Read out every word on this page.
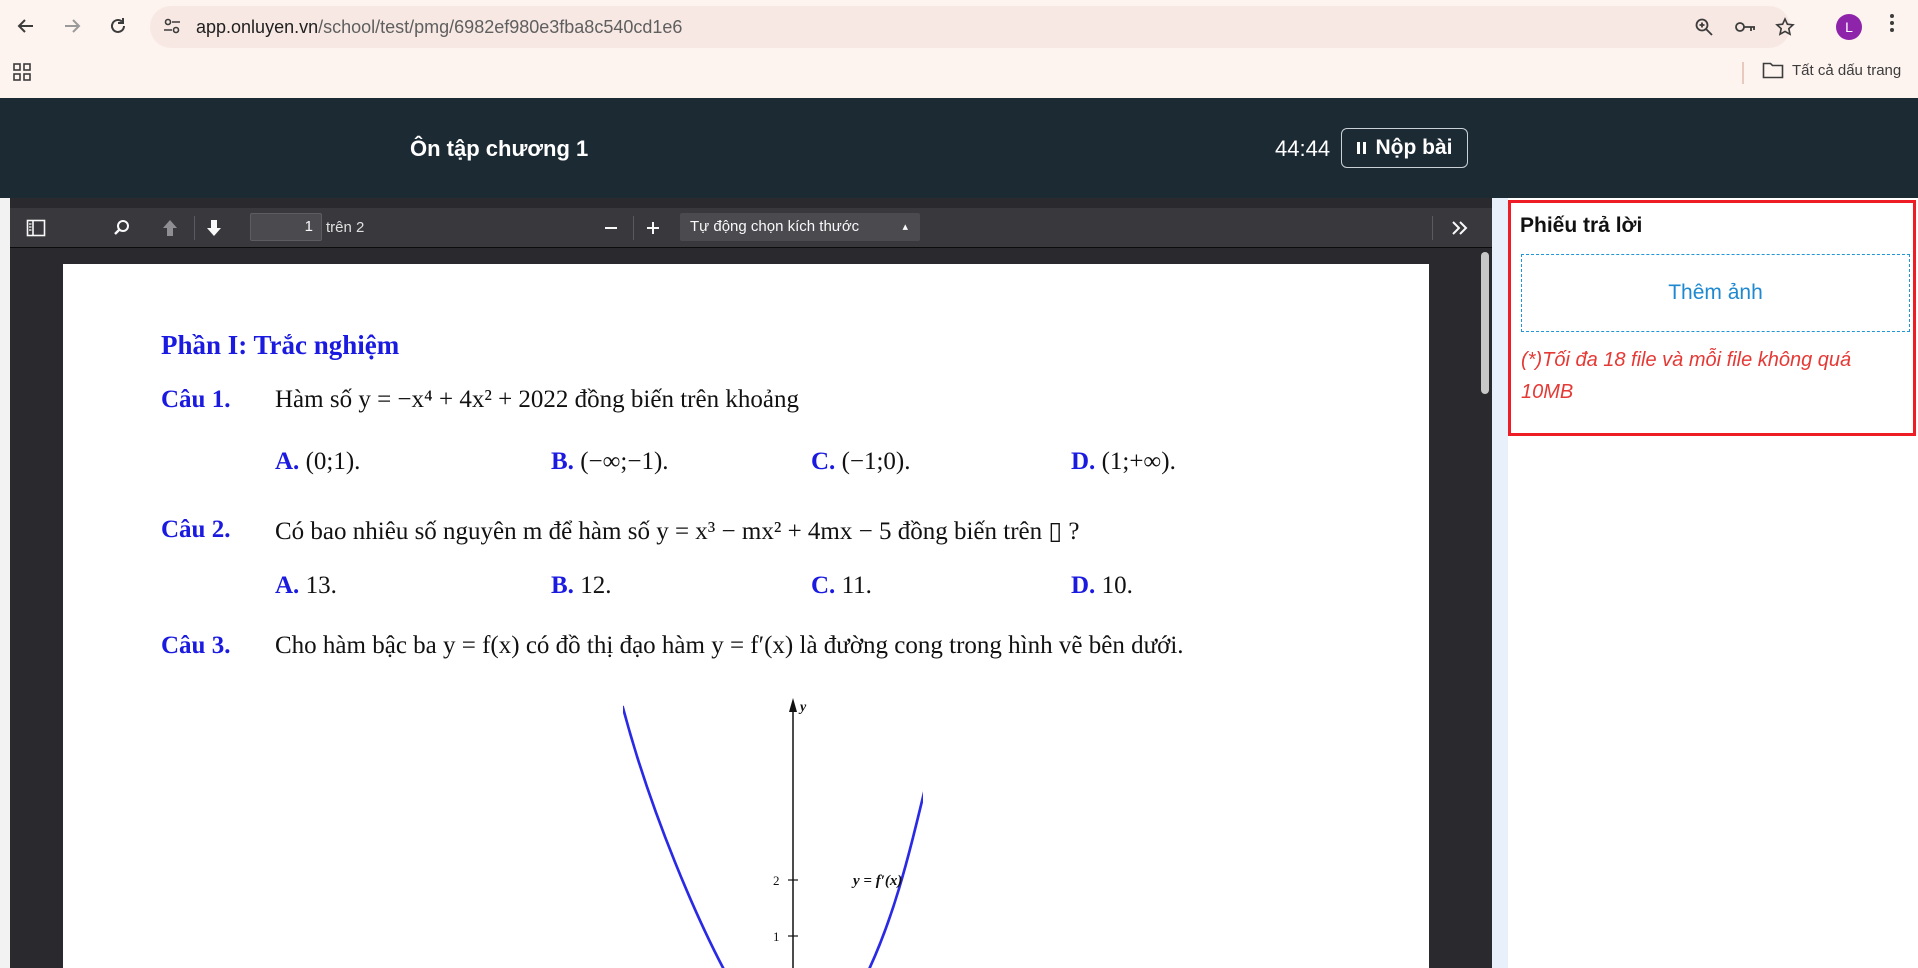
app.onluyen.vn/school/test/pmg/6982ef980e3fba8c540cd1e6	L
Tất cả dấu trang
Ôn tập chương 1	44:44 Nộp bài
1 trên 2	Tự động chọn kích thước	▴

Phần I: Trắc nghiệm
Câu 1. Hàm số y = −x⁴ + 4x² + 2022 đồng biến trên khoảng
A. (0;1).	B. (−∞;−1).	C. (−1;0).	D. (1;+∞).
Câu 2. Có bao nhiêu số nguyên m để hàm số y = x³ − mx² + 4mx − 5 đồng biến trên ▯ ?
A. 13.	B. 12.	C. 11.	D. 10.
Câu 3. Cho hàm bậc ba y = f(x) có đồ thị đạo hàm y = f′(x) là đường cong trong hình vẽ bên dưới.
y
2
1
y = f′(x)
Phiếu trả lời
Thêm ảnh
(*)Tối đa 18 file và mỗi file không quá 10MB
